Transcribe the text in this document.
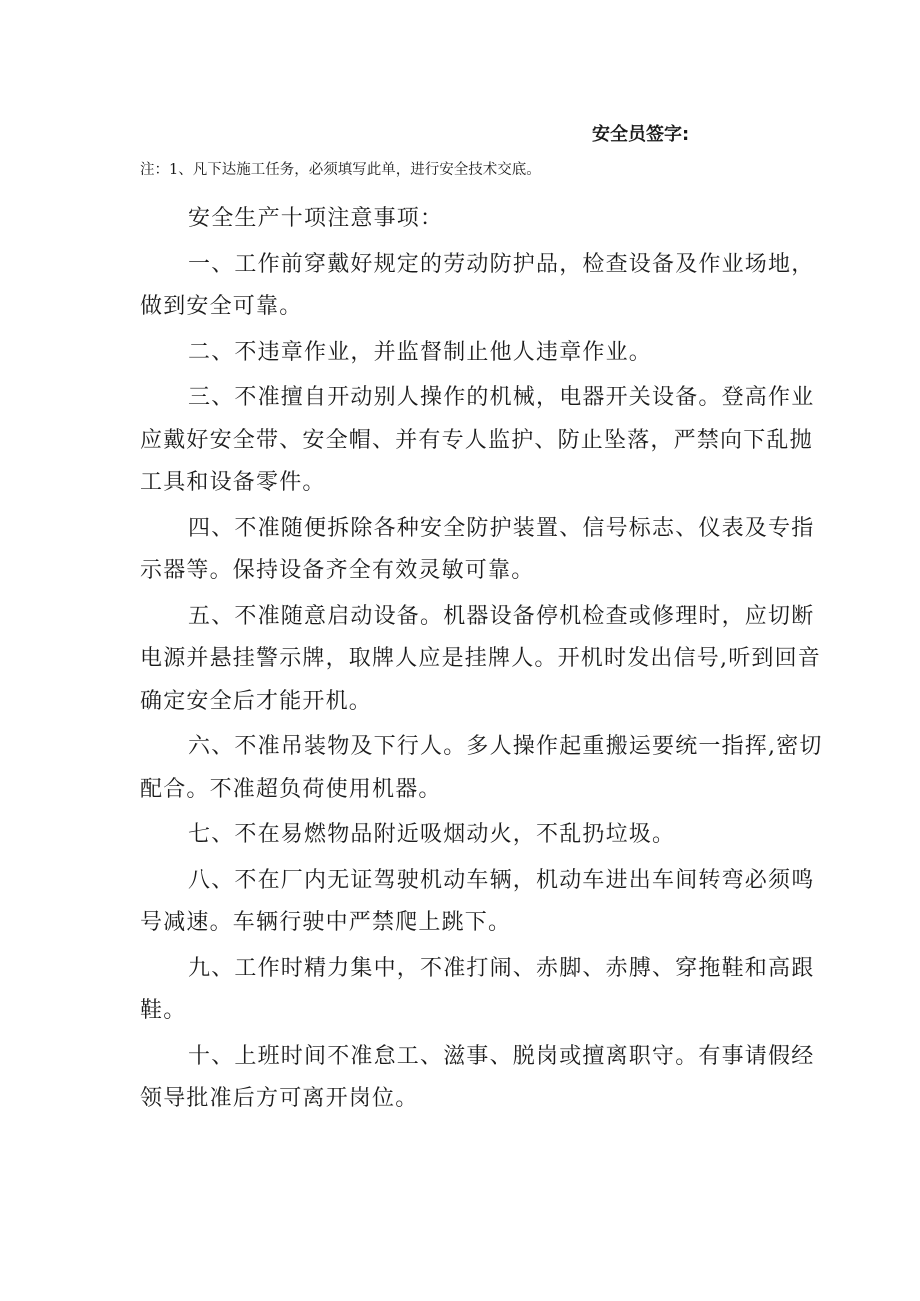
安全员签字:
注：1、凡下达施工任务，必须填写此单，进行安全技术交底。

安全生产十项注意事项：

一、工作前穿戴好规定的劳动防护品，检查设备及作业场地，做到安全可靠。

二、不违章作业，并监督制止他人违章作业。

三、不准擅自开动别人操作的机械，电器开关设备。登高作业应戴好安全带、安全帽、并有专人监护、防止坠落，严禁向下乱抛工具和设备零件。

四、不准随便拆除各种安全防护装置、信号标志、仪表及专指示器等。保持设备齐全有效灵敏可靠。

五、不准随意启动设备。机器设备停机检查或修理时，应切断电源并悬挂警示牌，取牌人应是挂牌人。开机时发出信号,听到回音确定安全后才能开机。

六、不准吊装物及下行人。多人操作起重搬运要统一指挥,密切配合。不准超负荷使用机器。

七、不在易燃物品附近吸烟动火，不乱扔垃圾。

八、不在厂内无证驾驶机动车辆，机动车进出车间转弯必须鸣号减速。车辆行驶中严禁爬上跳下。

九、工作时精力集中，不准打闹、赤脚、赤膊、穿拖鞋和高跟鞋。

十、上班时间不准怠工、滋事、脱岗或擅离职守。有事请假经领导批准后方可离开岗位。
